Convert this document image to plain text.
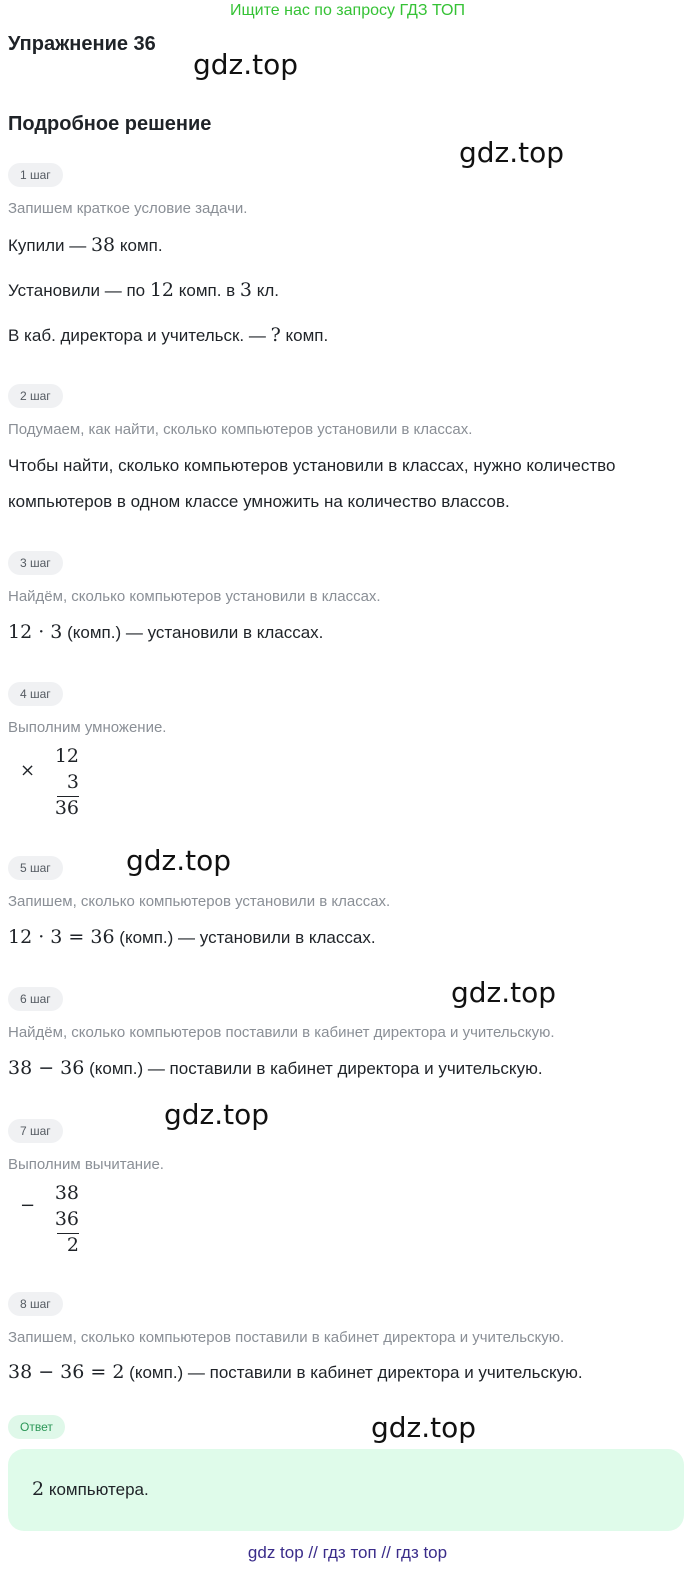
Ищите нас по запросу ГДЗ ТОП
Упражнение 36
gdz.top
Подробное решение
gdz.top
1 шаг
Запишем краткое условие задачи.
Купили — 38 комп.
Установили — по 12 комп. в 3 кл.
В каб. директора и учительск. — ? комп.
2 шаг
Подумаем, как найти, сколько компьютеров установили в классах.
Чтобы найти, сколько компьютеров установили в классах, нужно количество
компьютеров в одном классе умножить на количество влассов.
3 шаг
Найдём, сколько компьютеров установили в классах.
12 · 3 (комп.) — установили в классах.
4 шаг
Выполним умножение.
×
12
3
36
gdz.top
5 шаг
Запишем, сколько компьютеров установили в классах.
12 · 3 = 36 (комп.) — установили в классах.
gdz.top
6 шаг
Найдём, сколько компьютеров поставили в кабинет директора и учительскую.
38 − 36 (комп.) — поставили в кабинет директора и учительскую.
gdz.top
7 шаг
Выполним вычитание.
−
38
36
2
8 шаг
Запишем, сколько компьютеров поставили в кабинет директора и учительскую.
38 − 36 = 2 (комп.) — поставили в кабинет директора и учительскую.
Ответ	gdz.top
2 компьютера.
gdz top // гдз топ // гдз top
